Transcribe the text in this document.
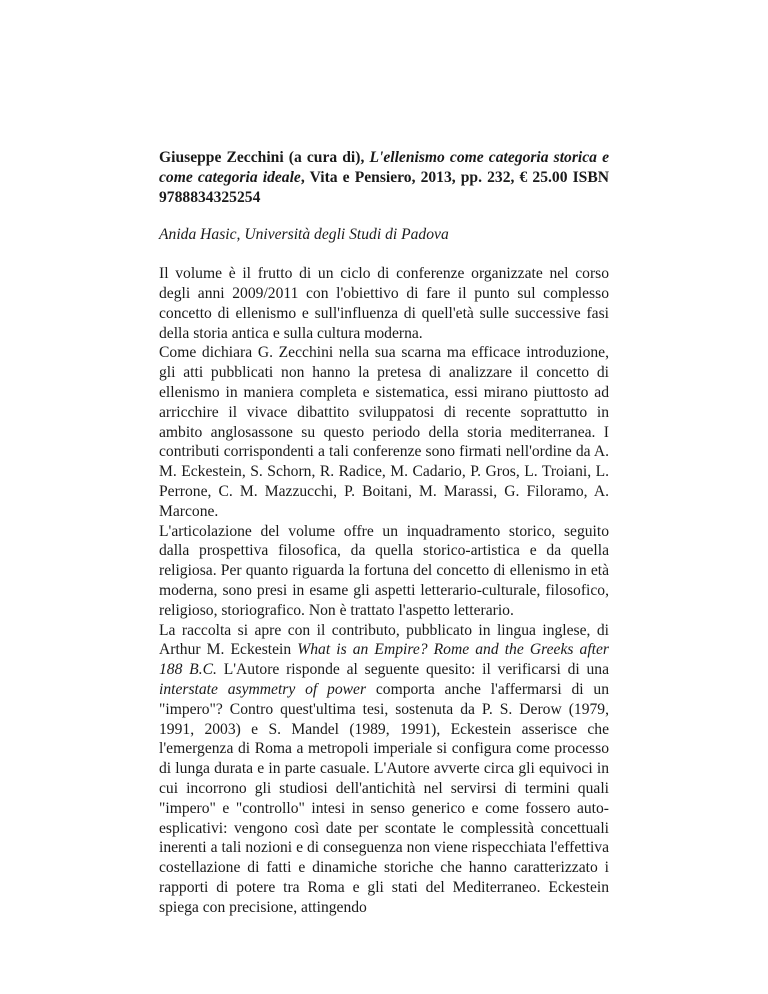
Giuseppe Zecchini (a cura di), L'ellenismo come categoria storica e come categoria ideale, Vita e Pensiero, 2013, pp. 232, € 25.00 ISBN 9788834325254

Anida Hasic, Università degli Studi di Padova

Il volume è il frutto di un ciclo di conferenze organizzate nel corso degli anni 2009/2011 con l'obiettivo di fare il punto sul complesso concetto di ellenismo e sull'influenza di quell'età sulle successive fasi della storia antica e sulla cultura moderna.

Come dichiara G. Zecchini nella sua scarna ma efficace introduzione, gli atti pubblicati non hanno la pretesa di analizzare il concetto di ellenismo in maniera completa e sistematica, essi mirano piuttosto ad arricchire il vivace dibattito sviluppatosi di recente soprattutto in ambito anglosassone su questo periodo della storia mediterranea. I contributi corrispondenti a tali conferenze sono firmati nell'ordine da A. M. Eckestein, S. Schorn, R. Radice, M. Cadario, P. Gros, L. Troiani, L. Perrone, C. M. Mazzucchi, P. Boitani, M. Marassi, G. Filoramo, A. Marcone.

L'articolazione del volume offre un inquadramento storico, seguito dalla prospettiva filosofica, da quella storico-artistica e da quella religiosa. Per quanto riguarda la fortuna del concetto di ellenismo in età moderna, sono presi in esame gli aspetti letterario-culturale, filosofico, religioso, storiografico. Non è trattato l'aspetto letterario.

La raccolta si apre con il contributo, pubblicato in lingua inglese, di Arthur M. Eckestein What is an Empire? Rome and the Greeks after 188 B.C. L'Autore risponde al seguente quesito: il verificarsi di una interstate asymmetry of power comporta anche l'affermarsi di un "impero"? Contro quest'ultima tesi, sostenuta da P. S. Derow (1979, 1991, 2003) e S. Mandel (1989, 1991), Eckestein asserisce che l'emergenza di Roma a metropoli imperiale si configura come processo di lunga durata e in parte casuale. L'Autore avverte circa gli equivoci in cui incorrono gli studiosi dell'antichità nel servirsi di termini quali "impero" e "controllo" intesi in senso generico e come fossero auto-esplicativi: vengono così date per scontate le complessità concettuali inerenti a tali nozioni e di conseguenza non viene rispecchiata l'effettiva costellazione di fatti e dinamiche storiche che hanno caratterizzato i rapporti di potere tra Roma e gli stati del Mediterraneo. Eckestein spiega con precisione, attingendo
